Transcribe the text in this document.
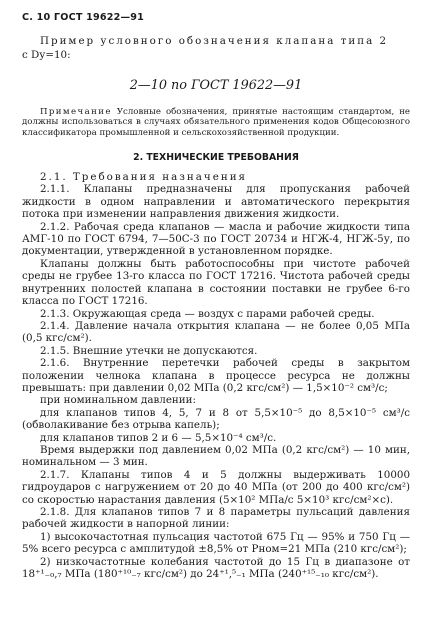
С. 10 ГОСТ 19622—91

Пример условного обозначения клапана типа 2

с Dу=10:

2—10 по ГОСТ 19622—91

Примечание Условные обозначения, принятые настоящим стандартом, не должны использоваться в случаях обязательного применения кодов Общесоюзного классификатора промышленной и сельскохозяйственной продукции.

2. ТЕХНИЧЕСКИЕ ТРЕБОВАНИЯ

2.1. Требования назначения

2.1.1. Клапаны предназначены для пропускания рабочей жидкости в одном направлении и автоматического перекрытия потока при изменении направления движения жидкости.

2.1.2. Рабочая среда клапанов — масла и рабочие жидкости типа АМГ-10 по ГОСТ 6794, 7—50С-3 по ГОСТ 20734 и НГЖ-4, НГЖ-5у, по документации, утвержденной в установленном порядке.

Клапаны должны быть работоспособны при чистоте рабочей среды не грубее 13-го класса по ГОСТ 17216. Чистота рабочей среды внутренних полостей клапана в состоянии поставки не грубее 6-го класса по ГОСТ 17216.

2.1.3. Окружающая среда — воздух с парами рабочей среды.

2.1.4. Давление начала открытия клапана — не более 0,05 МПа (0,5 кгс/см²).

2.1.5. Внешние утечки не допускаются.

2.1.6. Внутренние перетечки рабочей среды в закрытом положении челнока клапана в процессе ресурса не должны превышать: при давлении 0,02 МПа (0,2 кгс/см²) — 1,5×10⁻² см³/с;

при номинальном давлении:

для клапанов типов 4, 5, 7 и 8 от 5,5×10⁻⁵ до 8,5×10⁻⁵ см³/с (обволакивание без отрыва капель);

для клапанов типов 2 и 6 — 5,5×10⁻⁴ см³/с.

Время выдержки под давлением 0,02 МПа (0,2 кгс/см²) — 10 мин, номинальном — 3 мин.

2.1.7. Клапаны типов 4 и 5 должны выдерживать 10000 гидроударов с нагружением от 20 до 40 МПа (от 200 до 400 кгс/см²) со скоростью нарастания давления (5×10² МПа/с 5×10³ кгс/см²×с).

2.1.8. Для клапанов типов 7 и 8 параметры пульсаций давления рабочей жидкости в напорной линии:

1) высокочастотная пульсация частотой 675 Гц — 95% и 750 Гц — 5% всего ресурса с амплитудой ±8,5% от Рном=21 МПа (210 кгс/см²);

2) низкочастотные колебания частотой до 15 Гц в диапазоне от 18⁺¹₋₀,₇ МПа (180⁺¹⁰₋₇ кгс/см²) до 24⁺¹,⁵₋₁ МПа (240⁺¹⁵₋₁₀ кгс/см²).
